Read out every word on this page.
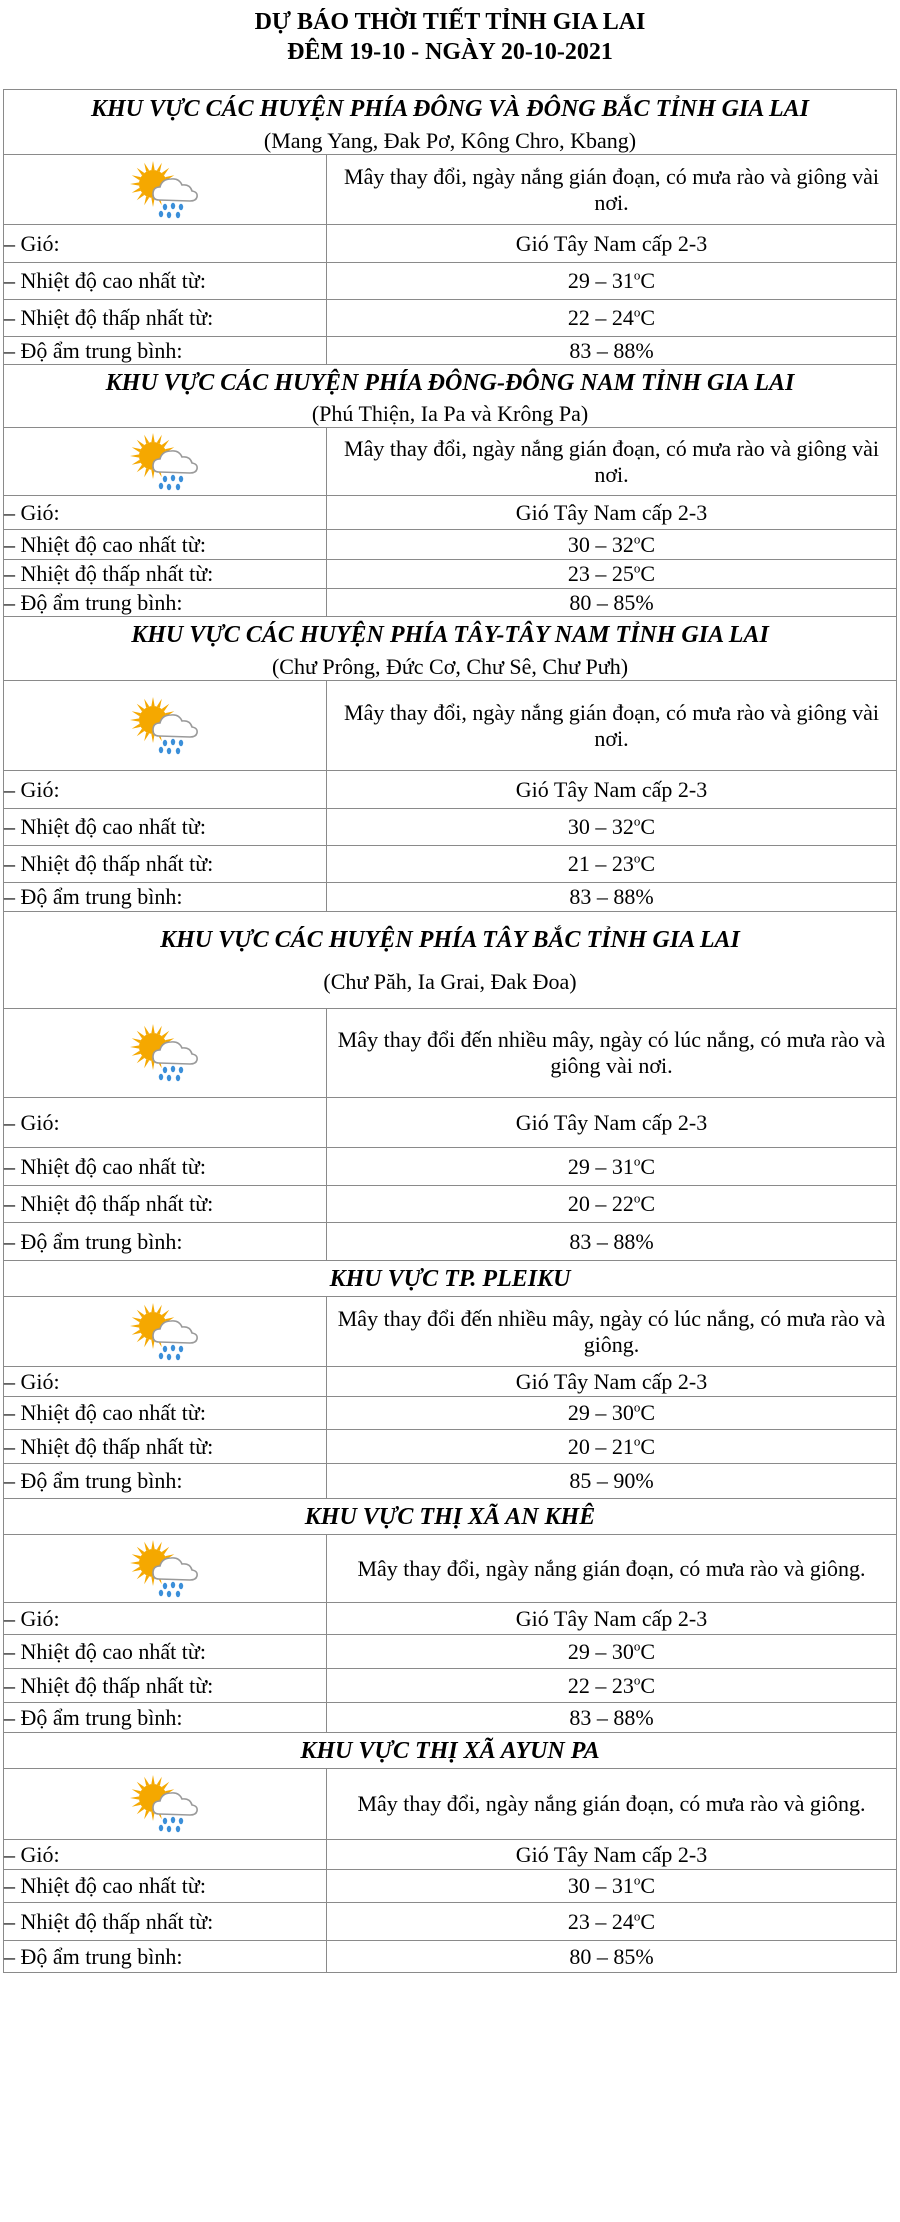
DỰ BÁO THỜI TIẾT TỈNH GIA LAI
ĐÊM 19-10 - NGÀY 20-10-2021
KHU VỰC CÁC HUYỆN PHÍA ĐÔNG VÀ ĐÔNG BẮC TỈNH GIA LAI	
(Mang Yang, Đak Pơ, Kông Chro, Kbang)	
	Mây thay đổi, ngày nắng gián đoạn, có mưa rào và giông vài nơi.
– Gió:	Gió Tây Nam cấp 2-3
– Nhiệt độ cao nhất từ:	29 – 31$^o$C
– Nhiệt độ thấp nhất từ:	22 – 24$^o$C
– Độ ẩm trung bình:	83 – 88%
KHU VỰC CÁC HUYỆN PHÍA ĐÔNG-ĐÔNG NAM TỈNH GIA LAI	
(Phú Thiện, Ia Pa và Krông Pa)	
	Mây thay đổi, ngày nắng gián đoạn, có mưa rào và giông vài nơi.
– Gió:	Gió Tây Nam cấp 2-3
– Nhiệt độ cao nhất từ:	30 – 32$^o$C
– Nhiệt độ thấp nhất từ:	23 – 25$^o$C
– Độ ẩm trung bình:	80 – 85%
KHU VỰC CÁC HUYỆN PHÍA TÂY-TÂY NAM TỈNH GIA LAI	
(Chư Prông, Đức Cơ, Chư Sê, Chư Pưh)	
	Mây thay đổi, ngày nắng gián đoạn, có mưa rào và giông vài nơi.
– Gió:	Gió Tây Nam cấp 2-3
– Nhiệt độ cao nhất từ:	30 – 32$^o$C
– Nhiệt độ thấp nhất từ:	21 – 23$^o$C
– Độ ẩm trung bình:	83 – 88%
KHU VỰC CÁC HUYỆN PHÍA TÂY BẮC TỈNH GIA LAI	
(Chư Păh, Ia Grai, Đak Đoa)	
	Mây thay đổi đến nhiều mây, ngày có lúc nắng, có mưa rào và giông vài nơi.
– Gió:	Gió Tây Nam cấp 2-3
– Nhiệt độ cao nhất từ:	29 – 31$^o$C
– Nhiệt độ thấp nhất từ:	20 – 22$^o$C
– Độ ẩm trung bình:	83 – 88%
KHU VỰC TP. PLEIKU	
	Mây thay đổi đến nhiều mây, ngày có lúc nắng, có mưa rào và giông.
– Gió:	Gió Tây Nam cấp 2-3
– Nhiệt độ cao nhất từ:	29 – 30$^o$C
– Nhiệt độ thấp nhất từ:	20 – 21$^o$C
– Độ ẩm trung bình:	85 – 90%
KHU VỰC THỊ XÃ AN KHÊ	
	Mây thay đổi, ngày nắng gián đoạn, có mưa rào và giông.
– Gió:	Gió Tây Nam cấp 2-3
– Nhiệt độ cao nhất từ:	29 – 30$^o$C
– Nhiệt độ thấp nhất từ:	22 – 23$^o$C
– Độ ẩm trung bình:	83 – 88%
KHU VỰC THỊ XÃ AYUN PA	
	Mây thay đổi, ngày nắng gián đoạn, có mưa rào và giông.
– Gió:	Gió Tây Nam cấp 2-3
– Nhiệt độ cao nhất từ:	30 – 31$^o$C
– Nhiệt độ thấp nhất từ:	23 – 24$^o$C
– Độ ẩm trung bình:	80 – 85%
